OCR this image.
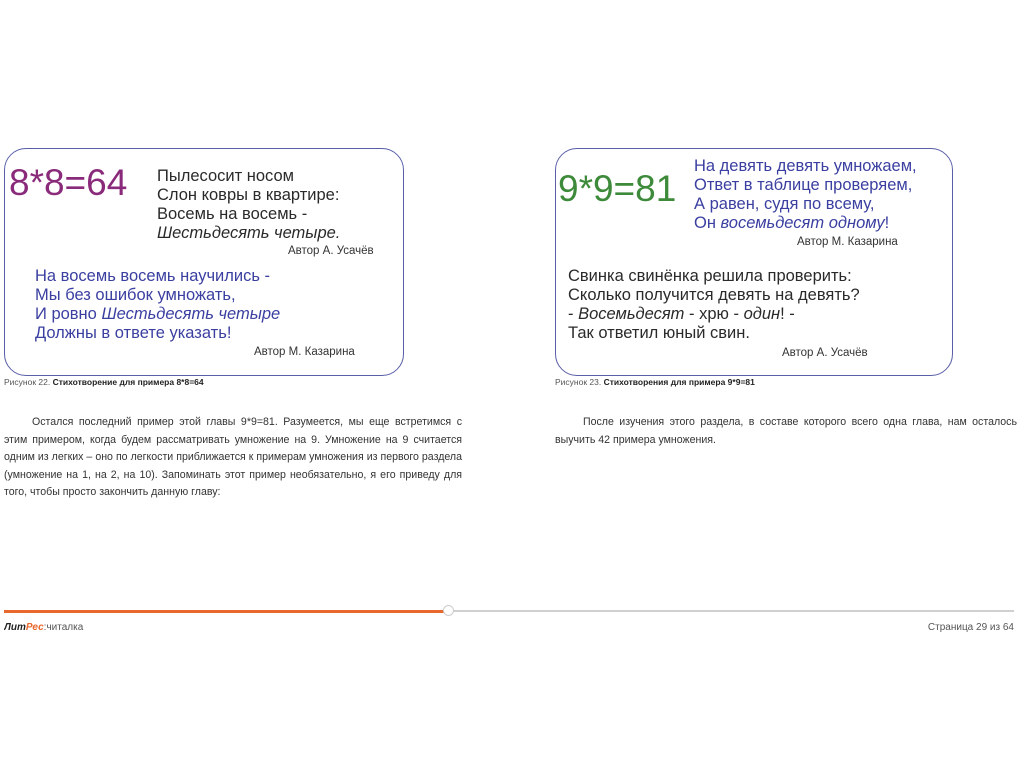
8*8=64 Пылесосит носом
Слон ковры в квартире:
Восемь на восемь -
Шестьдесять четыре.
Автор А. Усачёв
На восемь восемь научились -
Мы без ошибок умножать,
И ровно Шестьдесять четыре
Должны в ответе указать!
Автор М. Казарина
Рисунок 22. Стихотворение для примера 8*8=64
9*9=81
На девять девять умножаем,
Ответ в таблице проверяем,
А равен, судя по всему,
Он восемьдесят одному!
Автор М. Казарина
Свинка свинёнка решила проверить:
Сколько получится девять на девять?
- Восемьдесят - хрю - один! -
Так ответил юный свин.
Автор А. Усачёв
Рисунок 23. Стихотворения для примера 9*9=81
Остался последний пример этой главы 9*9=81. Разумеется, мы еще встретимся с этим примером, когда будем рассматривать умножение на 9. Умножение на 9 считается одним из легких – оно по легкости приближается к примерам умножения из первого раздела (умножение на 1, на 2, на 10). Запоминать этот пример необязательно, я его приведу для того, чтобы просто закончить данную главу:
После изучения этого раздела, в составе которого всего одна глава, нам осталось выучить 42 примера умножения.
ЛитРес:читалка	Страница 29 из 64
